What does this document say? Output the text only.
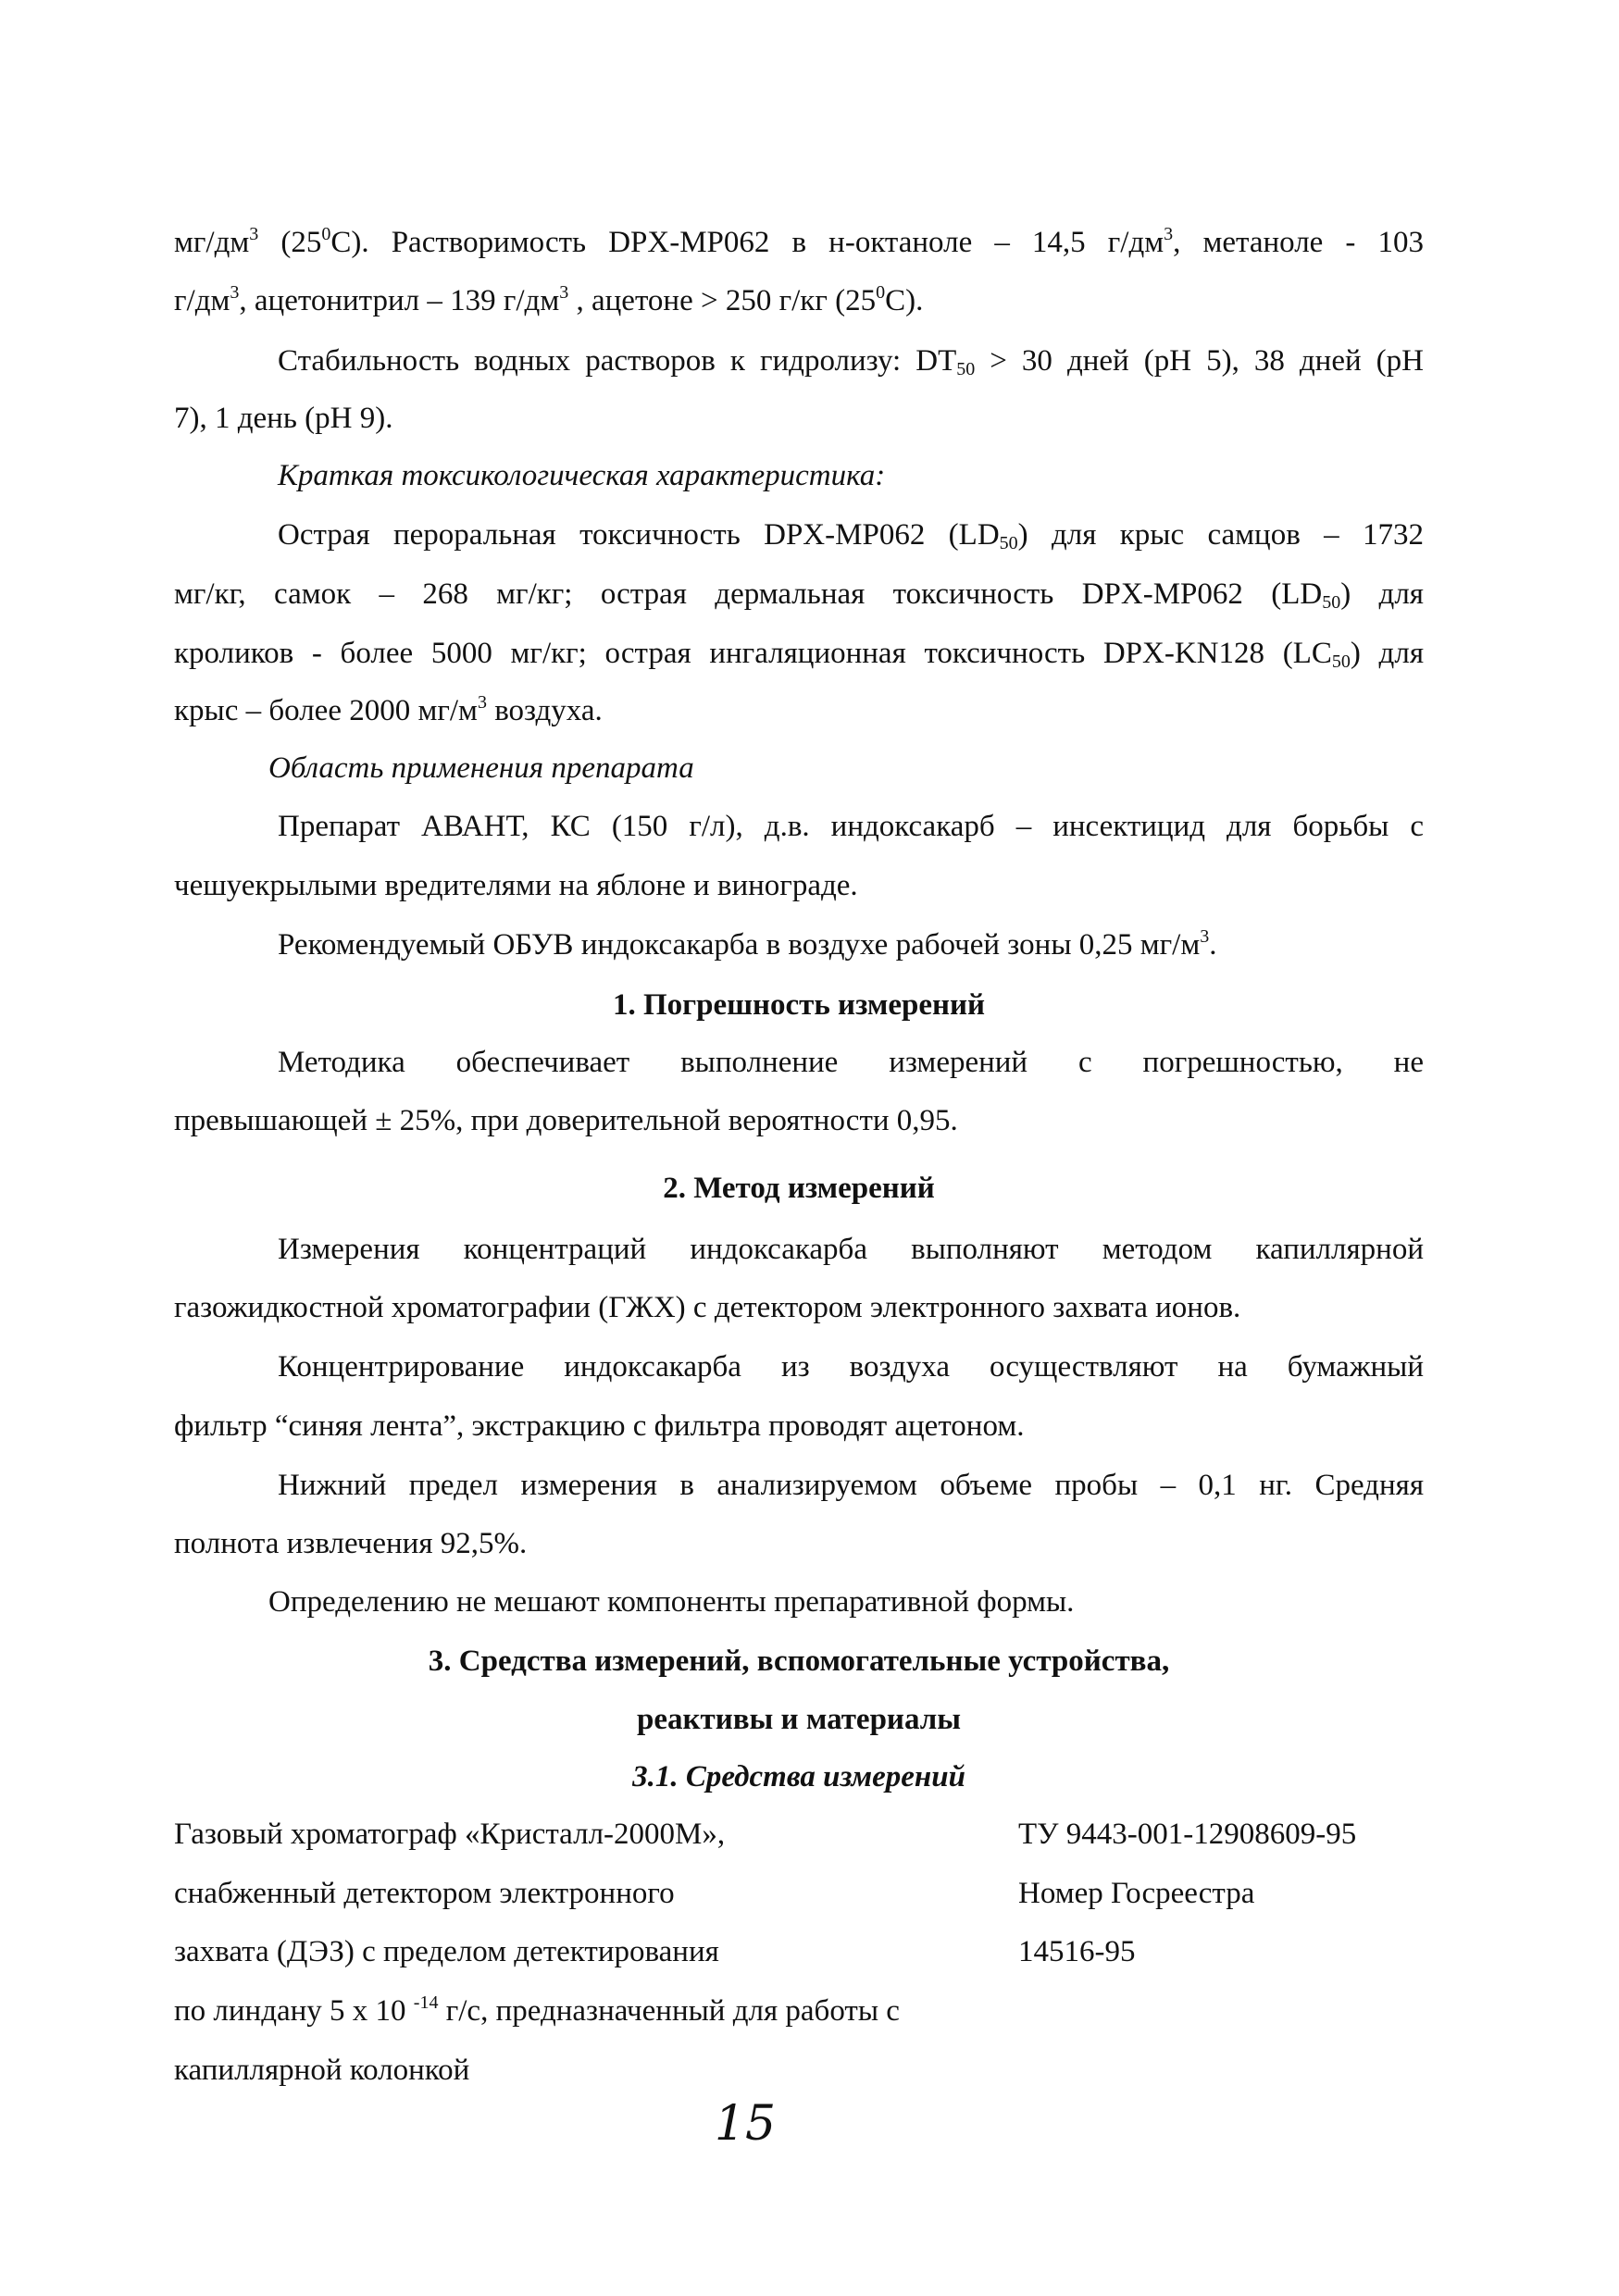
$мг/дм^3$ $(25^0С)$. Растворимость DPX-MP062 в н-октаноле – 14,5 $г/дм^3$, метаноле - 103
$г/дм^3$, ацетонитрил – 139 $г/дм^3$ , ацетоне > 250 г/кг $(25^0С)$.
Стабильность водных растворов к гидролизу: $DT_{50} > 30$ дней (pH 5), 38 дней (pH
7), 1 день (pH 9).
Краткая токсикологическая характеристика:
Острая пероральная токсичность DPX-MP062 $(LD_{50})$ для крыс самцов – 1732
мг/кг, самок – 268 мг/кг; острая дермальная токсичность DPX-MP062 $(LD_{50})$ для
кроликов - более 5000 мг/кг; острая ингаляционная токсичность DPX-KN128 $(LC_{50})$ для
крыс – более 2000 $мг/м^3$ воздуха.
Область применения препарата
Препарат АВАНТ, КС (150 г/л), д.в. индоксакарб – инсектицид для борьбы с
чешуекрылыми вредителями на яблоне и винограде.
Рекомендуемый ОБУВ индоксакарба в воздухе рабочей зоны 0,25 $мг/м^3$.
1. Погрешность измерений
Методика обеспечивает выполнение измерений с погрешностью, не
превышающей ± 25%, при доверительной вероятности 0,95.
2. Метод измерений
Измерения концентраций индоксакарба выполняют методом капиллярной
газожидкостной хроматографии (ГЖХ) с детектором электронного захвата ионов.
Концентрирование индоксакарба из воздуха осуществляют на бумажный
фильтр “синяя лента”, экстракцию с фильтра проводят ацетоном.
Нижний предел измерения в анализируемом объеме пробы – 0,1 нг. Средняя
полнота извлечения 92,5%.
Определению не мешают компоненты препаративной формы.
3. Средства измерений, вспомогательные устройства,
реактивы и материалы
3.1. Средства измерений
Газовый хроматограф «Кристалл-2000М»,
снабженный детектором электронного
захвата (ДЭЗ) с пределом детектирования
по линдану 5 х 10 $^{-14}$ г/с, предназначенный для работы с
капиллярной колонкой
ТУ 9443-001-12908609-95
Номер Госреестра
14516-95
15
